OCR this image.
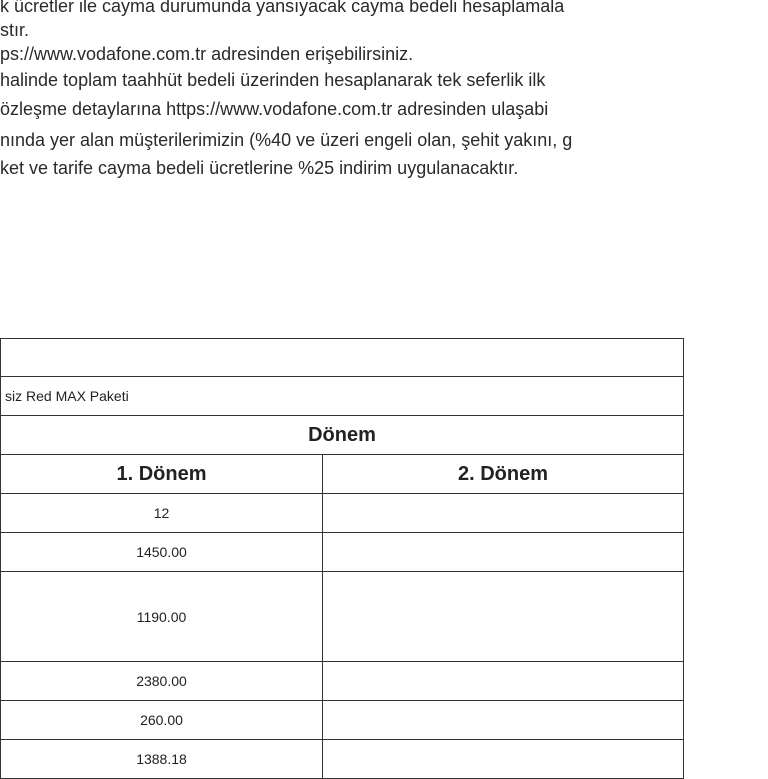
k ücretler ile cayma durumunda yansıyacak cayma bedeli hesaplamala
stır.
ps://www.vodafone.com.tr adresinden erişebilirsiniz.
halinde toplam taahhüt bedeli üzerinden hesaplanarak tek seferlik ilk
özleşme detaylarına https://www.vodafone.com.tr adresinden ulaşabi
nında yer alan müşterilerimizin (%40 ve üzeri engeli olan, şehit yakını, g
ket ve tarife cayma bedeli ücretlerine %25 indirim uygulanacaktır.

siz Red MAX Paketi	
Dönem	
1. Dönem	2. Dönem
12	
1450.00	
1190.00	
2380.00	
260.00	
1388.18	
